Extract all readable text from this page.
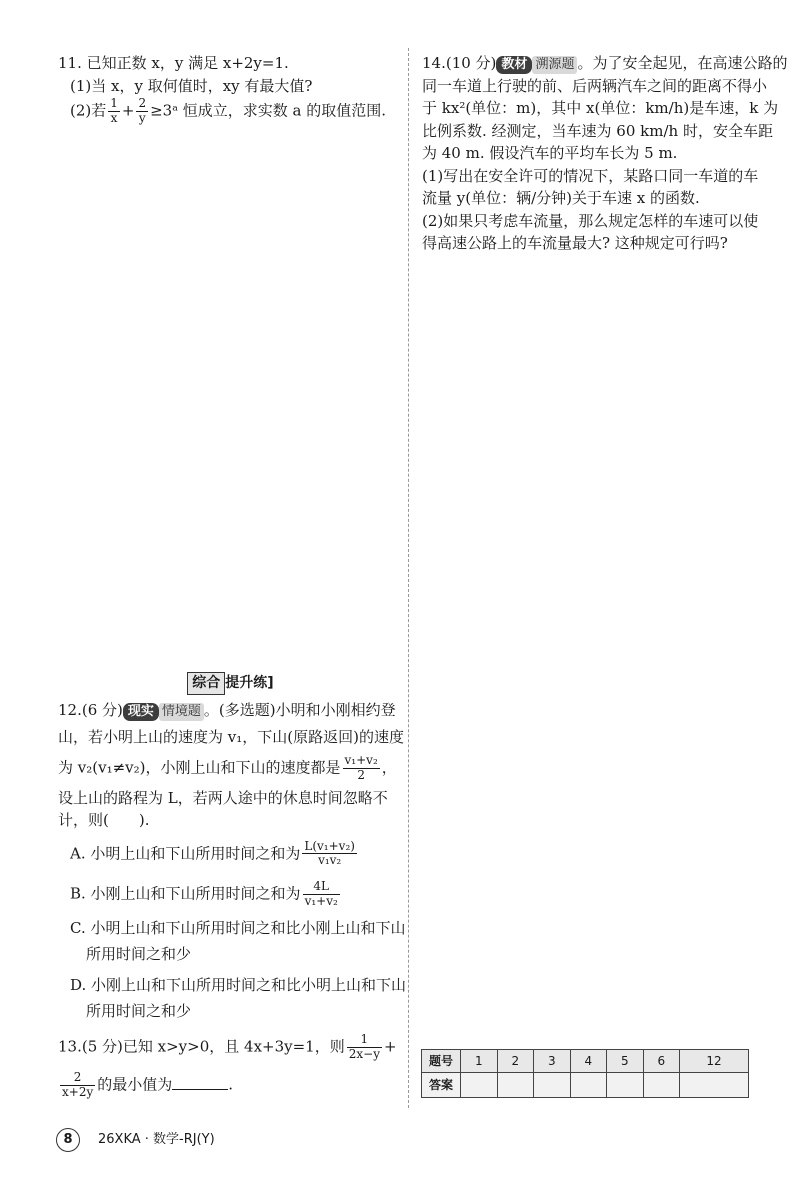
11. 已知正数 x，y 满足 x+2y=1.

(1)当 x，y 取何值时，xy 有最大值?

(2)若 $\frac{1}{x} + \frac{2}{y}$ ≥3ᵃ 恒成立，求实数 a 的取值范围.

综合 提升练]

12.(6 分) 现实 情境题 。(多选题)小明和小刚相约登

山，若小明上山的速度为 v₁，下山(原路返回)的速度

为 v₂(v₁≠v₂)，小刚上山和下山的速度都是 $\frac{\text{v₁+v₂}}{2}$ ，

设上山的路程为 L，若两人途中的休息时间忽略不

计，则(　　).

A. 小明上山和下山所用时间之和为 $\frac{\text{L(v₁+v₂)}}{\text{v₁v₂}}$

B. 小刚上山和下山所用时间之和为 $\frac{4L}{\text{v₁+v₂}}$

C. 小明上山和下山所用时间之和比小刚上山和下山

所用时间之和少

D. 小刚上山和下山所用时间之和比小明上山和下山

所用时间之和少

13.(5 分)已知 x>y>0，且 4x+3y=1，则 $\frac{1}{2x-y}$ +

$\frac{2}{x+2y}$ 的最小值为	.

14.(10 分) 教材 溯源题 。为了安全起见，在高速公路的

同一车道上行驶的前、后两辆汽车之间的距离不得小

于 kx²(单位：m)，其中 x(单位：km/h)是车速，k 为

比例系数. 经测定，当车速为 60 km/h 时，安全车距

为 40 m. 假设汽车的平均车长为 5 m.

(1)写出在安全许可的情况下，某路口同一车道的车

流量 y(单位：辆/分钟)关于车速 x 的函数.

(2)如果只考虑车流量，那么规定怎样的车速可以使

得高速公路上的车流量最大? 这种规定可行吗?

题号	1	2	3	4	5	6	12
答案							
8	26XKA · 数学-RJ(Y)
